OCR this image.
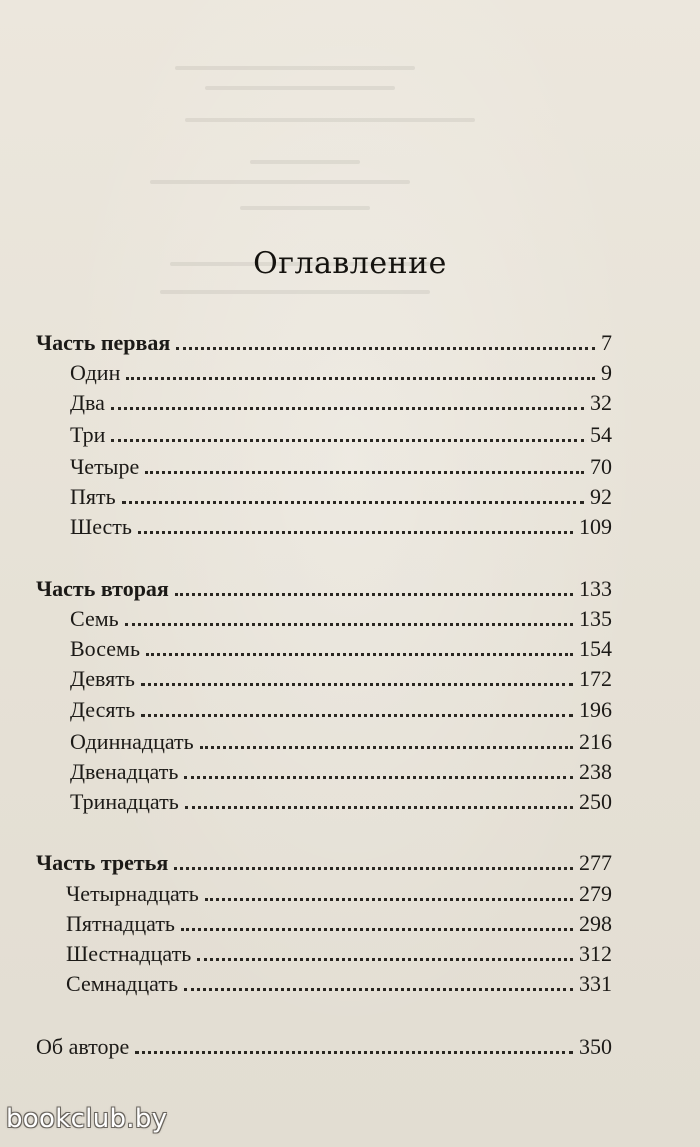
Оглавление
Часть первая	7
Один	9
Два	32
Три	54
Четыре	70
Пять	92
Шесть	109
Часть вторая	133
Семь	135
Восемь	154
Девять	172
Десять	196
Одиннадцать	216
Двенадцать	238
Тринадцать	250
Часть третья	277
Четырнадцать	279
Пятнадцать	298
Шестнадцать	312
Семнадцать	331
Об авторе	350
bookclub.by
